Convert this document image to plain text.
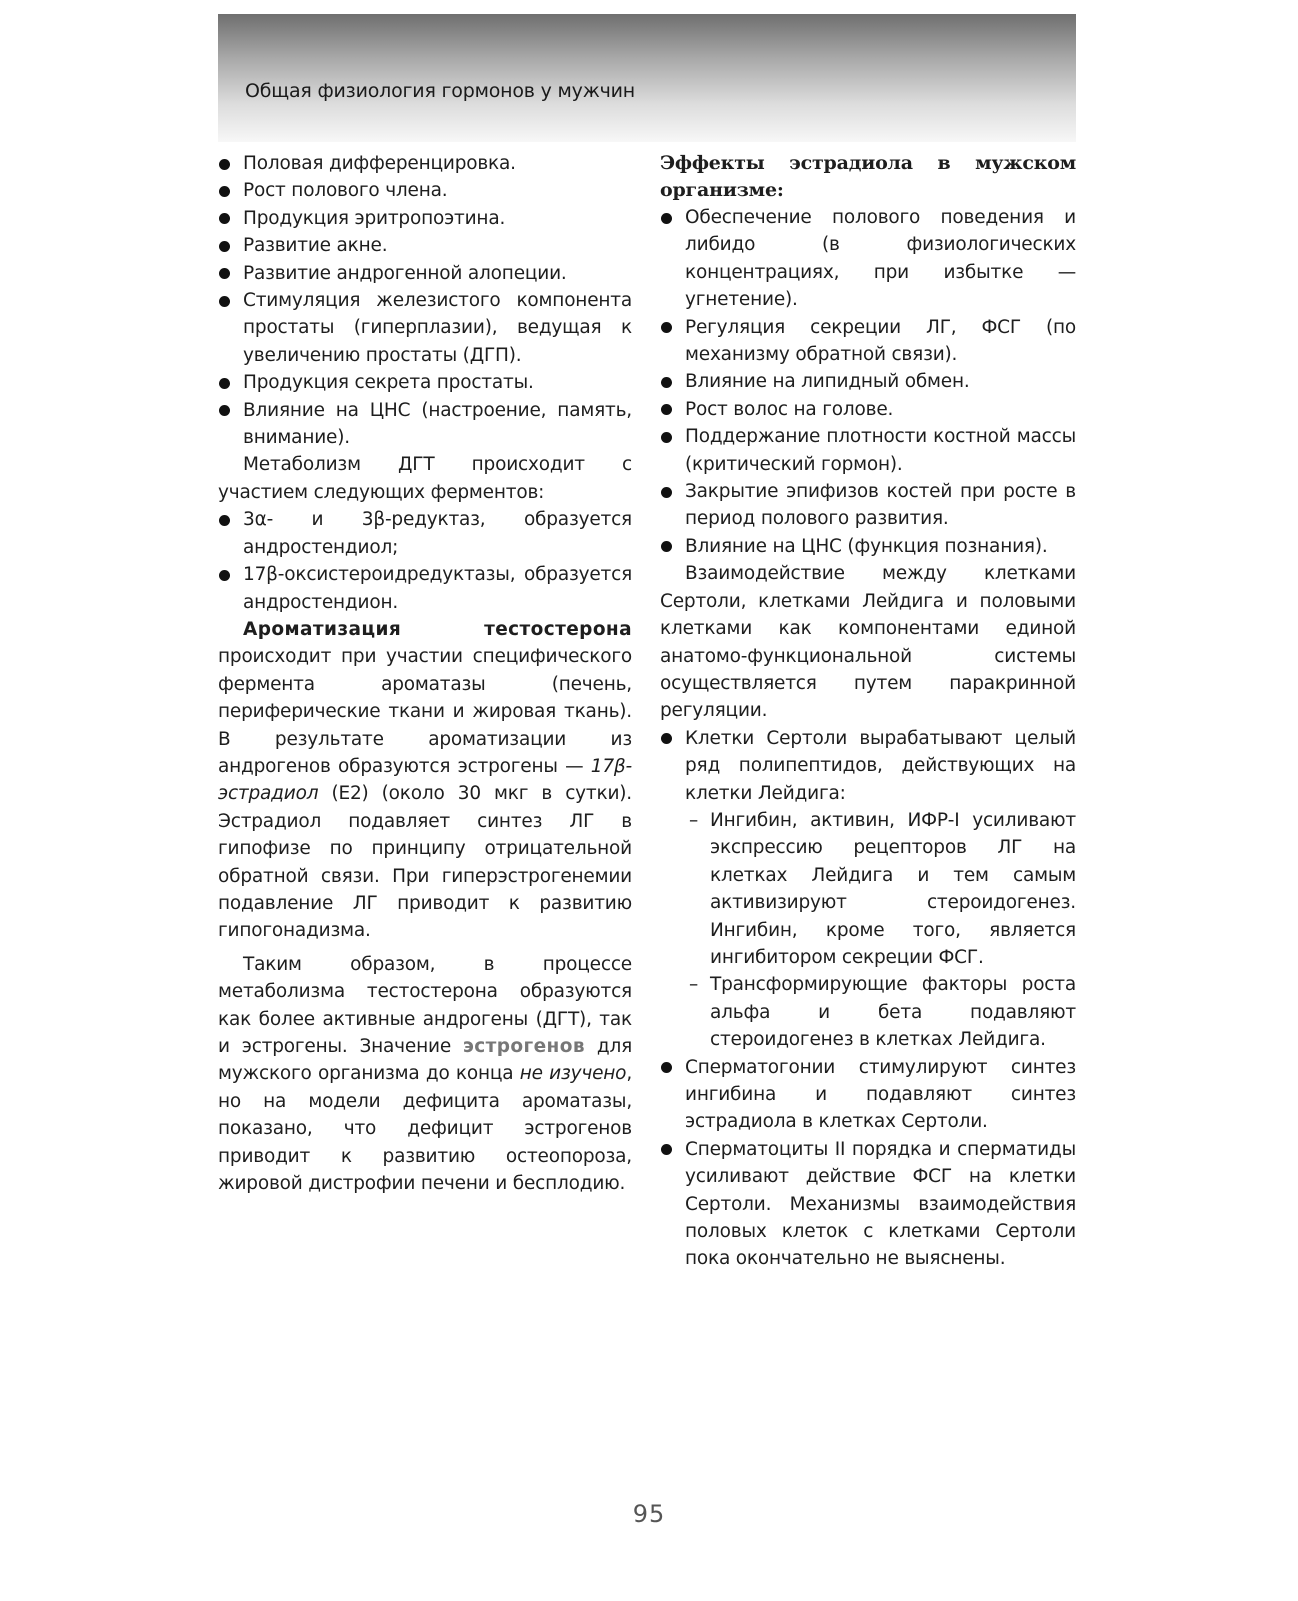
Общая физиология гормонов у мужчин
Половая дифференцировка.
Рост полового члена.
Продукция эритропоэтина.
Развитие акне.
Развитие андрогенной алопеции.
Стимуляция железистого компонента простаты (гиперплазии), ведущая к увеличению простаты (ДГП).
Продукция секрета простаты.
Влияние на ЦНС (настроение, память, внимание).

Метаболизм ДГТ происходит с участием следующих ферментов:

3α- и 3β-редуктаз, образуется андростендиол;
17β-оксистероидредуктазы, образуется андростендион.

Ароматизация тестостерона происходит при участии специфического фермента ароматазы (печень, периферические ткани и жировая ткань). В результате ароматизации из андрогенов образуются эстрогены — 17β-эстрадиол (E2) (около 30 мкг в сутки). Эстрадиол подавляет синтез ЛГ в гипофизе по принципу отрицательной обратной связи. При гиперэстрогенемии подавление ЛГ приводит к развитию гипогонадизма.

Таким образом, в процессе метаболизма тестостерона образуются как более активные андрогены (ДГТ), так и эстрогены. Значение эстрогенов для мужского организма до конца не изучено, но на модели дефицита ароматазы, показано, что дефицит эстрогенов приводит к развитию остеопороза, жировой дистрофии печени и бесплодию.

Эффекты эстрадиола в мужском организме:

Обеспечение полового поведения и либидо (в физиологических концентрациях, при избытке — угнетение).
Регуляция секреции ЛГ, ФСГ (по механизму обратной связи).
Влияние на липидный обмен.
Рост волос на голове.
Поддержание плотности костной массы (критический гормон).
Закрытие эпифизов костей при росте в период полового развития.
Влияние на ЦНС (функция познания).

Взаимодействие между клетками Сертоли, клетками Лейдига и половыми клетками как компонентами единой анатомо-функциональной системы осуществляется путем паракринной регуляции.

Клетки Сертоли вырабатывают целый ряд полипептидов, действующих на клетки Лейдига:
– Ингибин, активин, ИФР-I усиливают экспрессию рецепторов ЛГ на клетках Лейдига и тем самым активизируют стероидогенез. Ингибин, кроме того, является ингибитором секреции ФСГ.
– Трансформирующие факторы роста альфа и бета подавляют стероидогенез в клетках Лейдига.
Сперматогонии стимулируют синтез ингибина и подавляют синтез эстрадиола в клетках Сертоли.
Сперматоциты II порядка и сперматиды усиливают действие ФСГ на клетки Сертоли. Механизмы взаимодействия половых клеток с клетками Сертоли пока окончательно не выяснены.
95
